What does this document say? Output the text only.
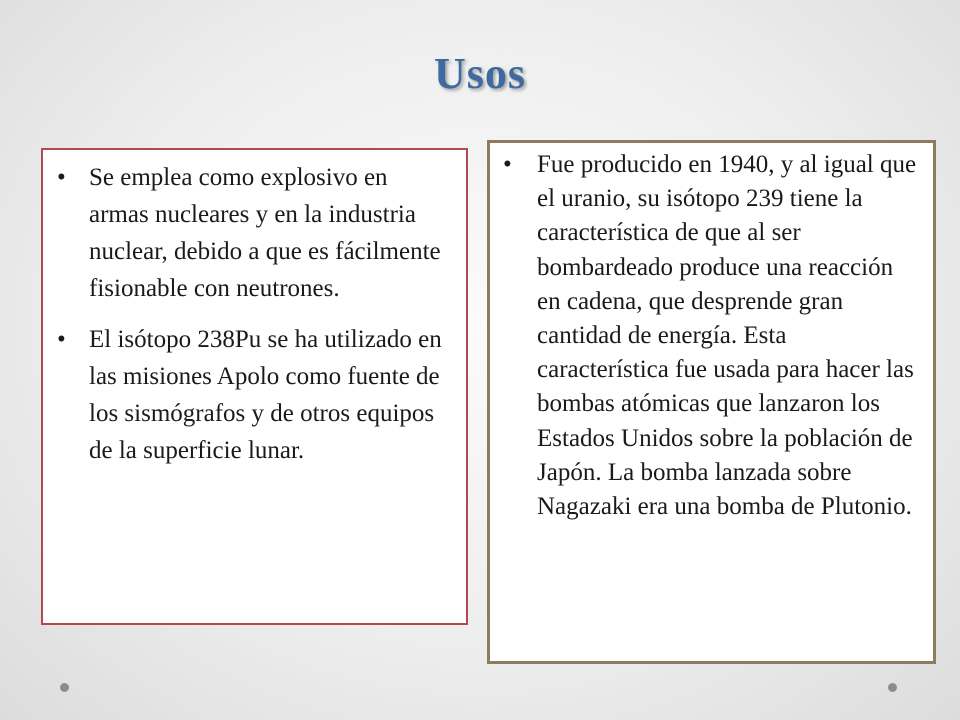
Usos
• Se emplea como explosivo en armas nucleares y en la industria nuclear, debido a que es fácilmente fisionable con neutrones.
• El isótopo 238Pu se ha utilizado en las misiones Apolo como fuente de los sismógrafos y de otros equipos de la superficie lunar.
• Fue producido en 1940, y al igual que el uranio, su isótopo 239 tiene la característica de que al ser bombardeado produce una reacción en cadena, que desprende gran cantidad de energía. Esta característica fue usada para hacer las bombas atómicas que lanzaron los Estados Unidos sobre la población de Japón. La bomba lanzada sobre Nagazaki era una bomba de Plutonio.
